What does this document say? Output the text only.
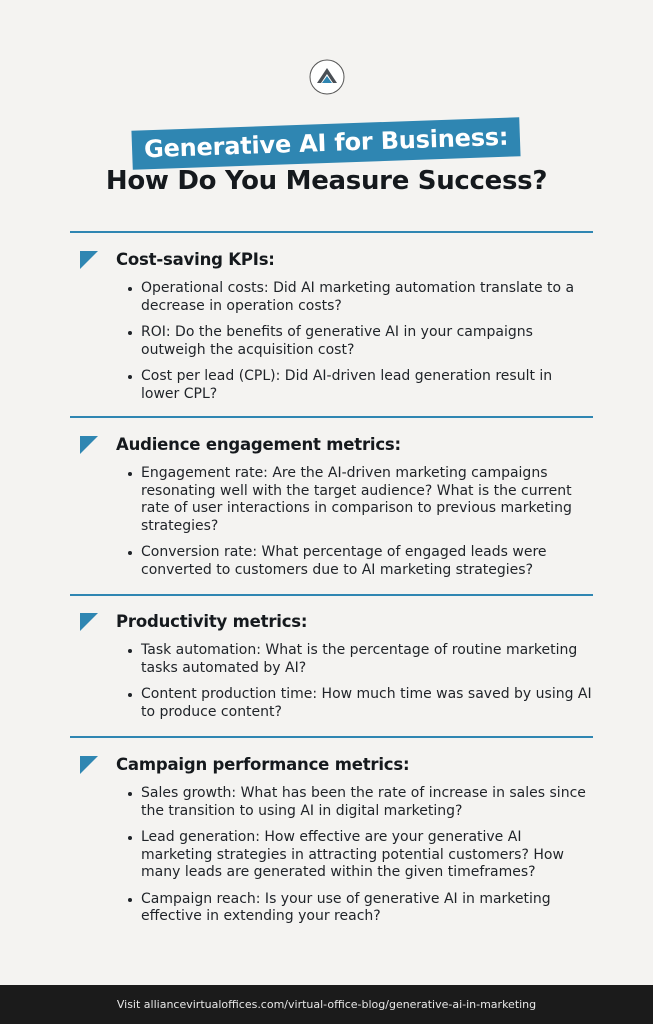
Generative AI for Business:
How Do You Measure Success?
Cost-saving KPIs:
Operational costs: Did AI marketing automation translate to a decrease in operation costs?
ROI: Do the benefits of generative AI in your campaigns outweigh the acquisition cost?
Cost per lead (CPL): Did AI-driven lead generation result in lower CPL?
Audience engagement metrics:
Engagement rate: Are the AI-driven marketing campaigns resonating well with the target audience? What is the current rate of user interactions in comparison to previous marketing strategies?
Conversion rate: What percentage of engaged leads were converted to customers due to AI marketing strategies?
Productivity metrics:
Task automation: What is the percentage of routine marketing tasks automated by AI?
Content production time: How much time was saved by using AI to produce content?
Campaign performance metrics:
Sales growth: What has been the rate of increase in sales since the transition to using AI in digital marketing?
Lead generation: How effective are your generative AI marketing strategies in attracting potential customers? How many leads are generated within the given timeframes?
Campaign reach: Is your use of generative AI in marketing effective in extending your reach?
Visit alliancevirtualoffices.com/virtual-office-blog/generative-ai-in-marketing
